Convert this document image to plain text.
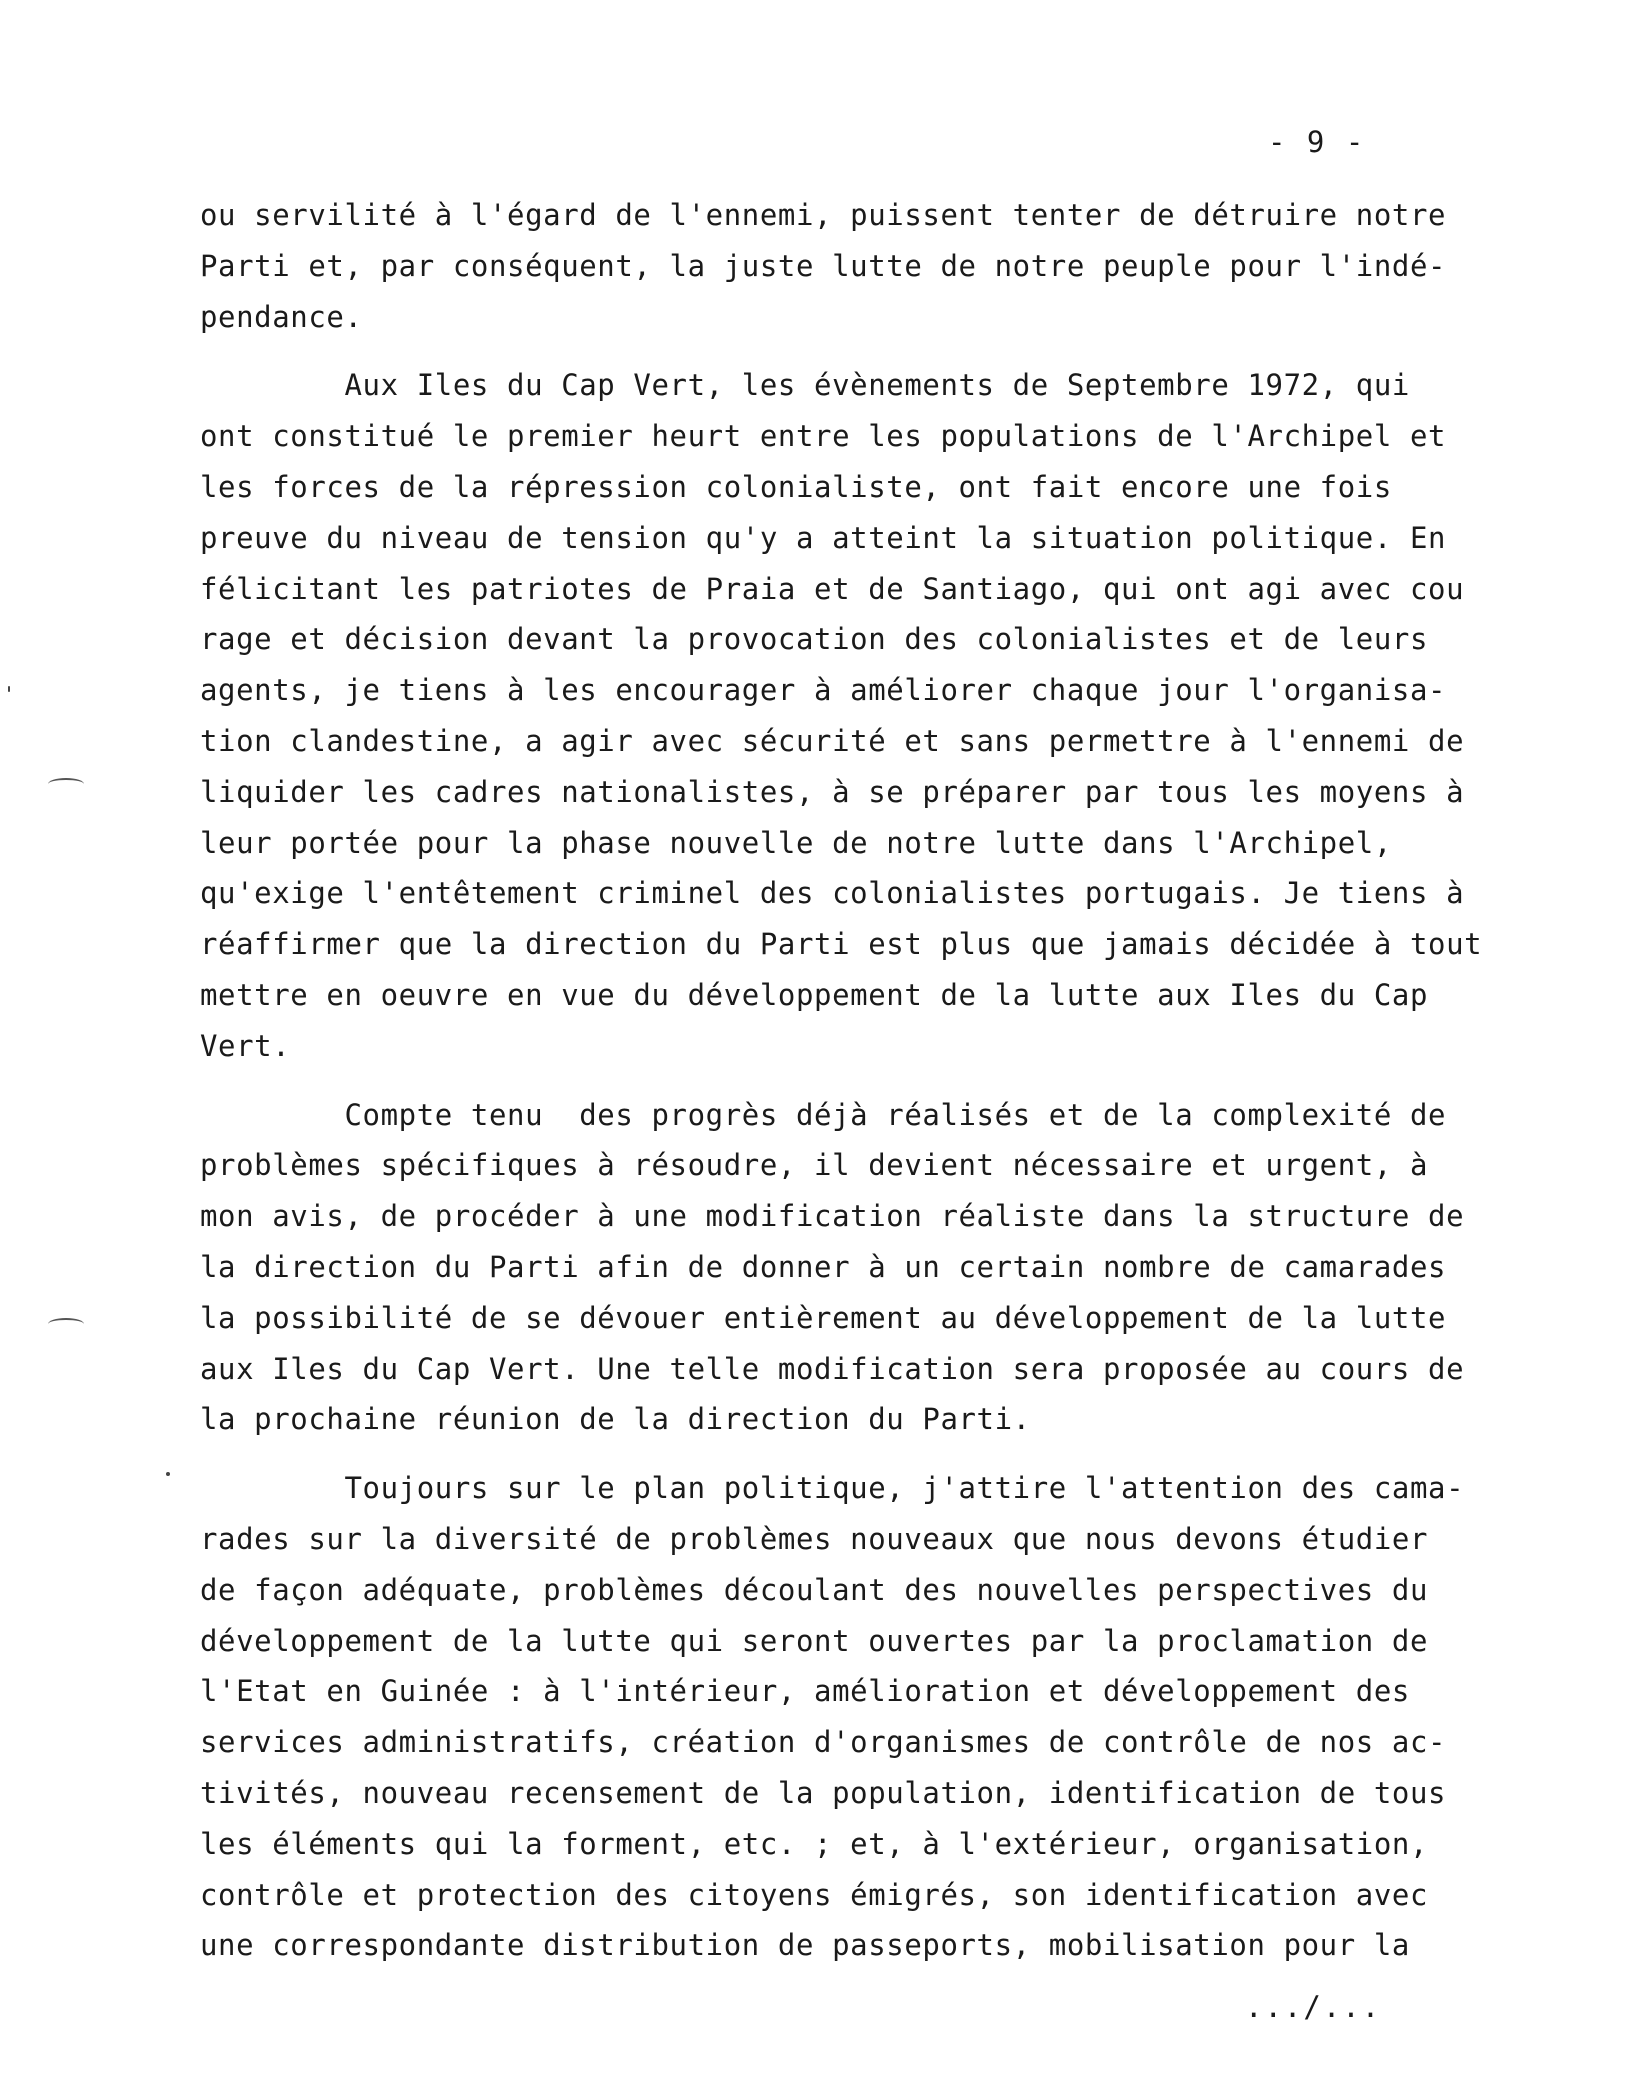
- 9 -
ou servilité à l'égard de l'ennemi, puissent tenter de détruire notre
Parti et, par conséquent, la juste lutte de notre peuple pour l'indé-
pendance.
Aux Iles du Cap Vert, les évènements de Septembre 1972, qui
ont constitué le premier heurt entre les populations de l'Archipel et
les forces de la répression colonialiste, ont fait encore une fois
preuve du niveau de tension qu'y a atteint la situation politique. En
félicitant les patriotes de Praia et de Santiago, qui ont agi avec cou
rage et décision devant la provocation des colonialistes et de leurs
agents, je tiens à les encourager à améliorer chaque jour l'organisa-
tion clandestine, a agir avec sécurité et sans permettre à l'ennemi de
liquider les cadres nationalistes, à se préparer par tous les moyens à
leur portée pour la phase nouvelle de notre lutte dans l'Archipel,
qu'exige l'entêtement criminel des colonialistes portugais. Je tiens à
réaffirmer que la direction du Parti est plus que jamais décidée à tout
mettre en oeuvre en vue du développement de la lutte aux Iles du Cap
Vert.
Compte tenu  des progrès déjà réalisés et de la complexité de
problèmes spécifiques à résoudre, il devient nécessaire et urgent, à
mon avis, de procéder à une modification réaliste dans la structure de
la direction du Parti afin de donner à un certain nombre de camarades
la possibilité de se dévouer entièrement au développement de la lutte
aux Iles du Cap Vert. Une telle modification sera proposée au cours de
la prochaine réunion de la direction du Parti.
Toujours sur le plan politique, j'attire l'attention des cama-
rades sur la diversité de problèmes nouveaux que nous devons étudier
de façon adéquate, problèmes découlant des nouvelles perspectives du
développement de la lutte qui seront ouvertes par la proclamation de
l'Etat en Guinée : à l'intérieur, amélioration et développement des
services administratifs, création d'organismes de contrôle de nos ac-
tivités, nouveau recensement de la population, identification de tous
les éléments qui la forment, etc. ; et, à l'extérieur, organisation,
contrôle et protection des citoyens émigrés, son identification avec
une correspondante distribution de passeports, mobilisation pour la
.../...
